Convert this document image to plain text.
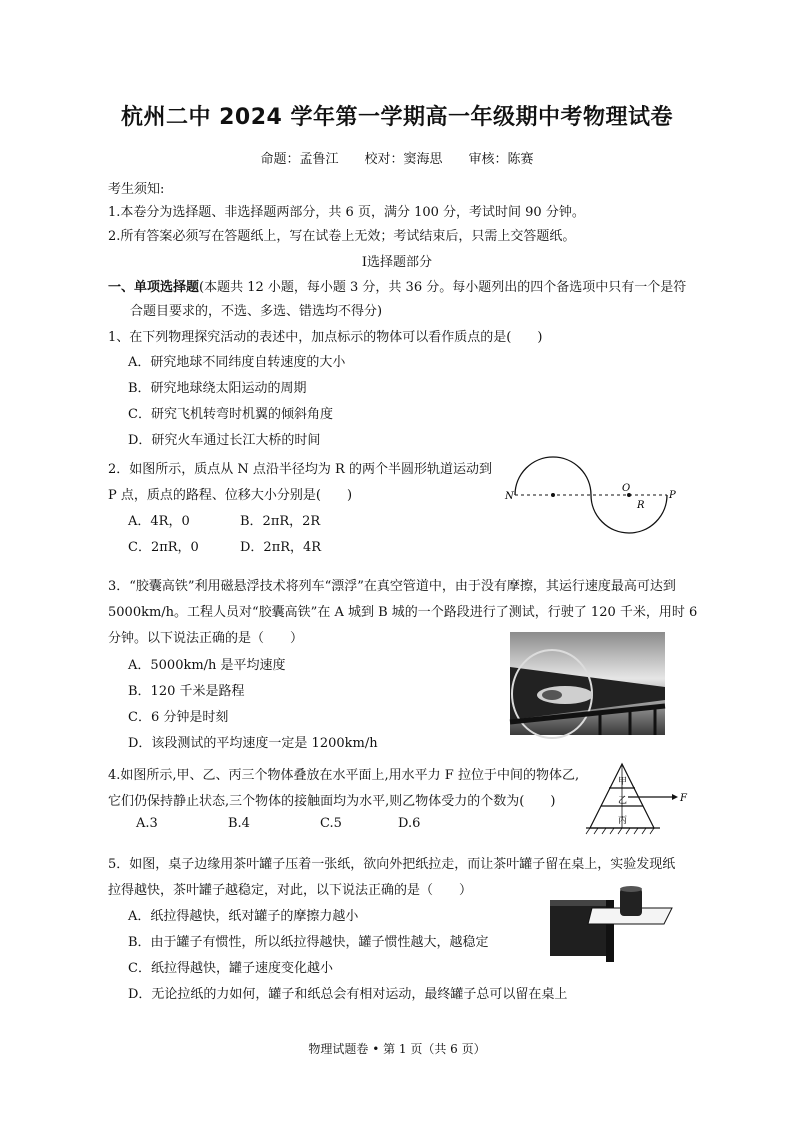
杭州二中 2024 学年第一学期高一年级期中考物理试卷
命题：孟鲁江　　校对：窦海思　　审核：陈赛
考生须知:
1.本卷分为选择题、非选择题两部分，共 6 页，满分 100 分，考试时间 90 分钟。
2.所有答案必须写在答题纸上，写在试卷上无效；考试结束后，只需上交答题纸。
Ⅰ选择题部分
一、单项选择题(本题共 12 小题，每小题 3 分，共 36 分。每小题列出的四个备选项中只有一个是符
合题目要求的，不选、多选、错选均不得分)
1、在下列物理探究活动的表述中，加点标示的物体可以看作质点的是(　　)
A．研究地球不同纬度自转速度的大小
B．研究地球绕太阳运动的周期
C．研究飞机转弯时机翼的倾斜角度
D．研究火车通过长江大桥的时间
2．如图所示，质点从 N 点沿半径均为 R 的两个半圆形轨道运动到
P 点，质点的路程、位移大小分别是(　　)
A．4R，0	B．2πR，2R
C．2πR，0	D．2πR，4R
N
O
P
R
3．“胶囊高铁”利用磁悬浮技术将列车“漂浮”在真空管道中，由于没有摩擦，其运行速度最高可达到
5000km/h。工程人员对“胶囊高铁”在 A 城到 B 城的一个路段进行了测试，行驶了 120 千米，用时 6
分钟。以下说法正确的是（　　）
A．5000km/h 是平均速度
B．120 千米是路程
C．6 分钟是时刻
D．该段测试的平均速度一定是 1200km/h
4.如图所示,甲、乙、丙三个物体叠放在水平面上,用水平力 F 拉位于中间的物体乙,
它们仍保持静止状态,三个物体的接触面均为水平,则乙物体受力的个数为(　　)
A.3	B.4	C.5	D.6
甲
乙
丙
F
5．如图，桌子边缘用茶叶罐子压着一张纸，欲向外把纸拉走，而让茶叶罐子留在桌上，实验发现纸
拉得越快，茶叶罐子越稳定，对此，以下说法正确的是（　　）
A．纸拉得越快，纸对罐子的摩擦力越小
B．由于罐子有惯性，所以纸拉得越快，罐子惯性越大，越稳定
C．纸拉得越快，罐子速度变化越小
D．无论拉纸的力如何，罐子和纸总会有相对运动，最终罐子总可以留在桌上
物理试题卷 • 第 1 页（共 6 页）
